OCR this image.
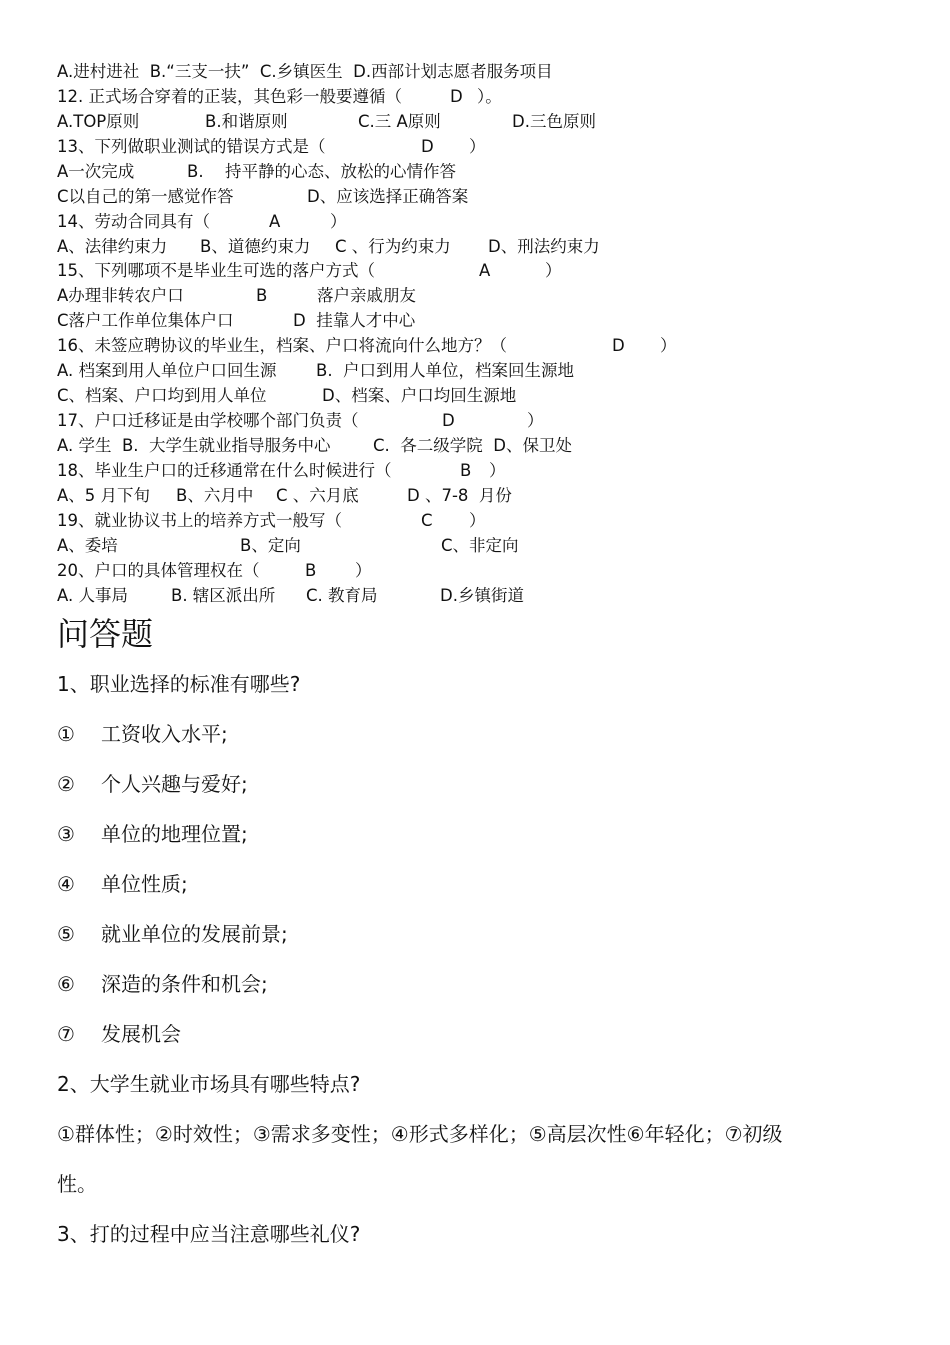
A.进村进社  B.“三支一扶”  C.乡镇医生  D.西部计划志愿者服务项目

12. 正式场合穿着的正装，其色彩一般要遵循（

	D

）。

A.TOP原则

	B.和谐原则

	C.三 A原则

	D.三色原则

13、下列做职业测试的错误方式是（

	D

）

A一次完成

	B.

持平静的心态、放松的心情作答

C以自己的第一感觉作答

	D、应该选择正确答案

14、劳动合同具有（

	A

	）

A、法律约束力

B、道德约束力

C 、行为约束力

D、刑法约束力

15、下列哪项不是毕业生可选的落户方式（

	A

	）

A办理非转农户口

	B

	落户亲戚朋友

C落户工作单位集体户口

	D  挂靠人才中心

16、未签应聘协议的毕业生，档案、户口将流向什么地方？（

	D

）

A. 档案到用人单位户口回生源

B.  户口到用人单位，档案回生源地

C、档案、户口均到用人单位

	D、档案、户口均回生源地

17、户口迁移证是由学校哪个部门负责（

	D

	）

A. 学生  B.  大学生就业指导服务中心

	C.  各二级学院  D、保卫处

18、毕业生户口的迁移通常在什么时候进行（

	B

）

A、5 月下旬

B、六月中

C 、六月底

	D 、7-8  月份

19、就业协议书上的培养方式一般写（

	C

）

A、委培

	B、定向

	C、非定向

20、户口的具体管理权在（

	B

）

A. 人事局

	B. 辖区派出所

C. 教育局

	D.乡镇街道

问答题

1、职业选择的标准有哪些?

①

工资收入水平;

②

个人兴趣与爱好;

③

单位的地理位置;

④

单位性质;

⑤

就业单位的发展前景;

⑥

深造的条件和机会;

⑦

发展机会

2、大学生就业市场具有哪些特点?

①群体性；②时效性；③需求多变性；④形式多样化；⑤高层次性⑥年轻化；⑦初级

性。

3、打的过程中应当注意哪些礼仪?
